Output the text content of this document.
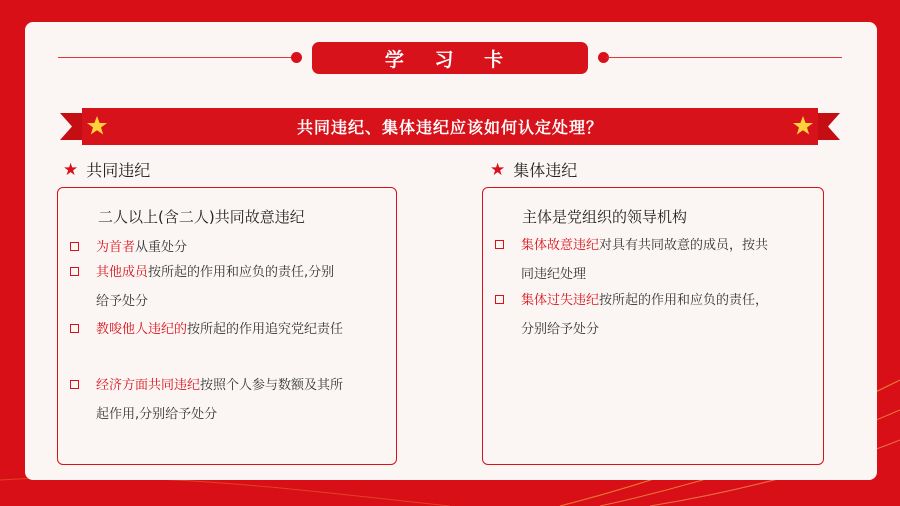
学 习 卡
共同违纪、集体违纪应该如何认定处理？
★ 共同违纪	★ 集体违纪
二人以上(含二人)共同故意违纪
为首者从重处分
其他成员按所起的作用和应负的责任,分别给予处分
教唆他人违纪的按所起的作用追究党纪责任
经济方面共同违纪按照个人参与数额及其所起作用,分别给予处分
主体是党组织的领导机构
集体故意违纪对具有共同故意的成员，按共同违纪处理
集体过失违纪按所起的作用和应负的责任，分别给予处分
